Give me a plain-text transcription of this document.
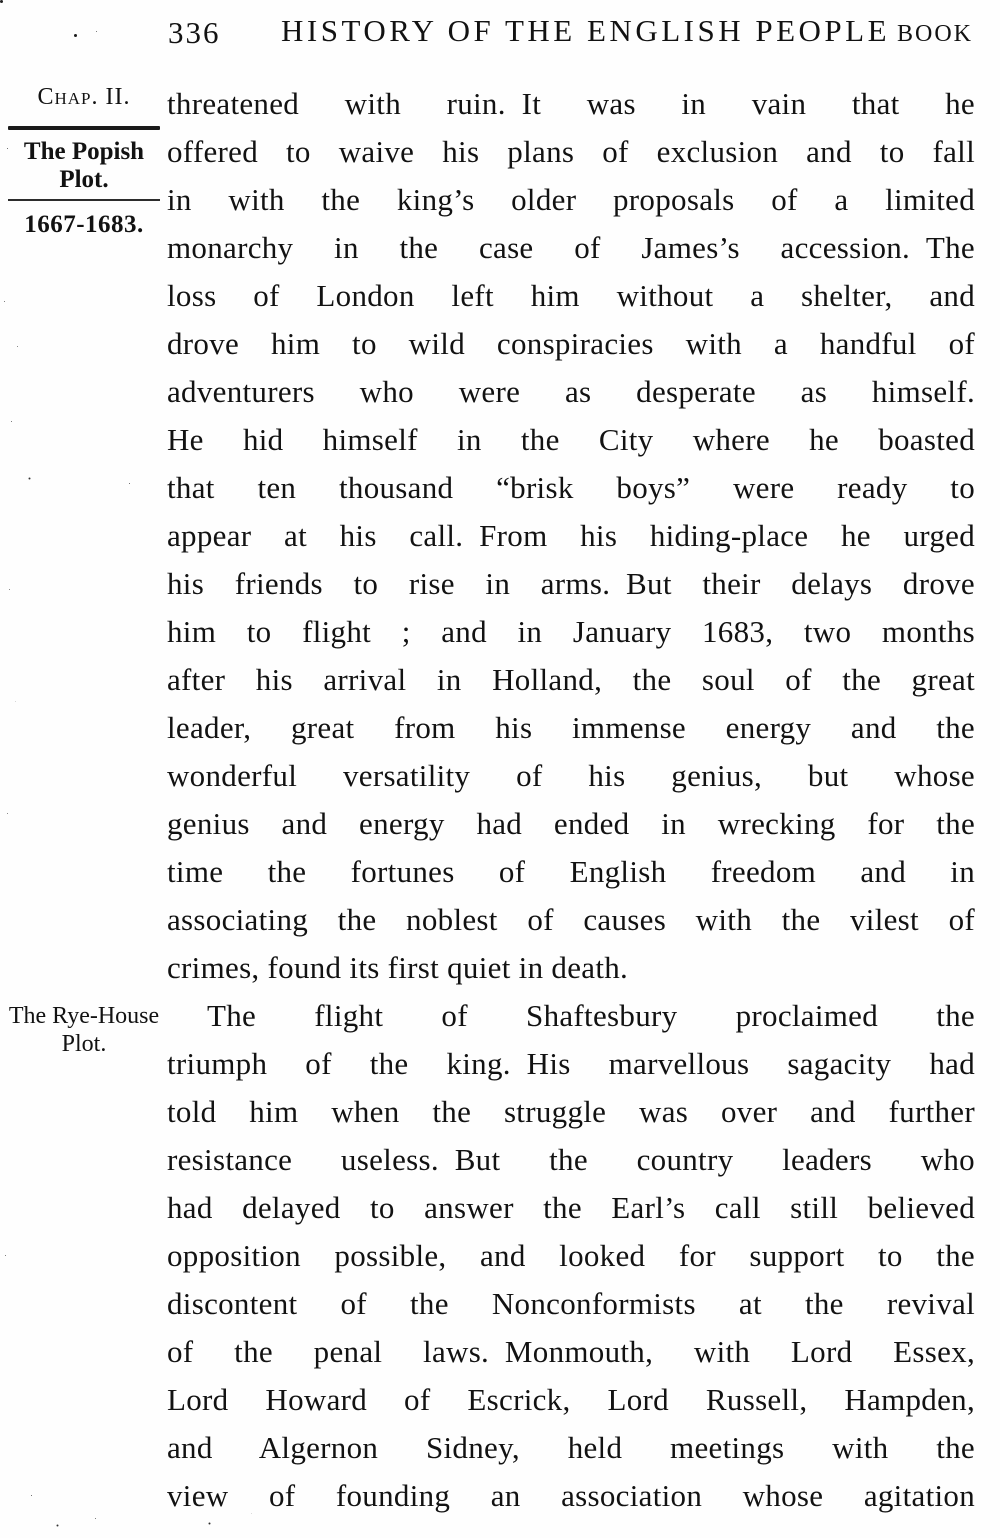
336 HISTORY OF THE ENGLISH PEOPLE BOOK
Chap. II.
The Popish Plot.
1667-1683.
The Rye-House Plot.
threatened with ruin. It was in vain that he
offered to waive his plans of exclusion and to fall
in with the king’s older proposals of a limited
monarchy in the case of James’s accession. The
loss of London left him without a shelter, and
drove him to wild conspiracies with a handful of
adventurers who were as desperate as himself.
He hid himself in the City where he boasted
that ten thousand “brisk boys” were ready to
appear at his call. From his hiding-place he urged
his friends to rise in arms. But their delays drove
him to flight ; and in January 1683, two months
after his arrival in Holland, the soul of the great
leader, great from his immense energy and the
wonderful versatility of his genius, but whose
genius and energy had ended in wrecking for the
time the fortunes of English freedom and in
associating the noblest of causes with the vilest of
crimes, found its first quiet in death.
The flight of Shaftesbury proclaimed the
triumph of the king. His marvellous sagacity had
told him when the struggle was over and further
resistance useless. But the country leaders who
had delayed to answer the Earl’s call still believed
opposition possible, and looked for support to the
discontent of the Nonconformists at the revival
of the penal laws. Monmouth, with Lord Essex,
Lord Howard of Escrick, Lord Russell, Hampden,
and Algernon Sidney, held meetings with the
view of founding an association whose agitation
